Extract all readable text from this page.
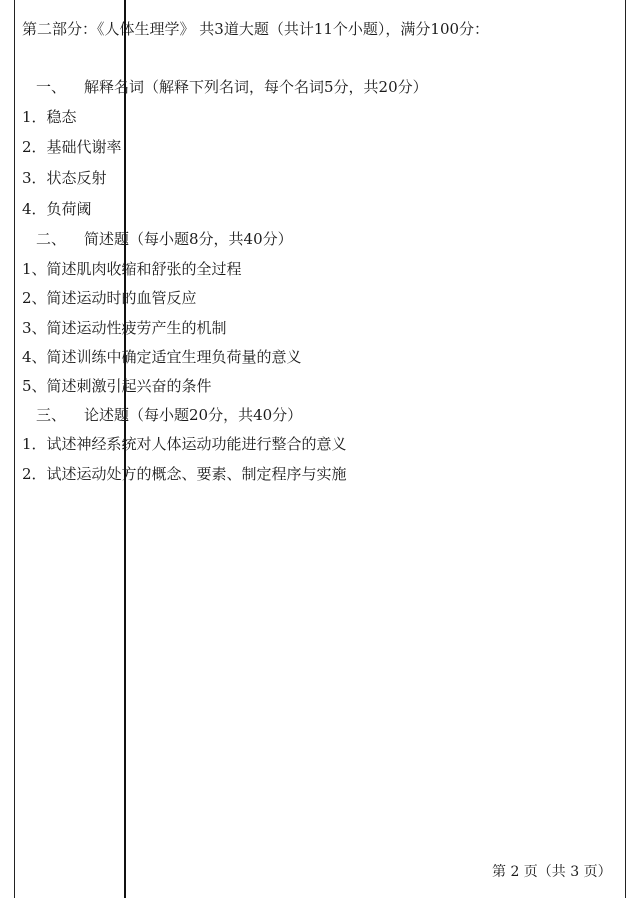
第二部分：《人体生理学》 共3道大题（共计11个小题），满分100分：
一、 解释名词（解释下列名词，每个名词5分，共20分）
1．稳态
2．基础代谢率
3．状态反射
4．负荷阈
二、 简述题（每小题8分，共40分）
1、简述肌肉收缩和舒张的全过程
2、简述运动时的血管反应
3、简述运动性疲劳产生的机制
4、简述训练中确定适宜生理负荷量的意义
5、简述刺激引起兴奋的条件
三、 论述题（每小题20分，共40分）
1．试述神经系统对人体运动功能进行整合的意义
2．试述运动处方的概念、要素、制定程序与实施
第 2 页（共 3 页）
